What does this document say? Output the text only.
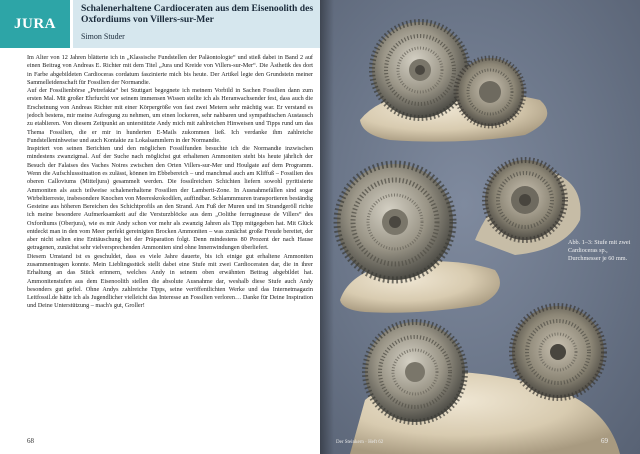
JURA
Schalenerhaltene Cardioceraten aus dem Eisenoolith des Oxfordiums von Villers-sur-Mer
Simon Studer

Im Alter von 12 Jahren blätterte ich in „Klassische Fundstellen der Paläontologie“ und stieß dabei in Band 2 auf einen Beitrag von Andreas E. Richter mit dem Titel „Jura und Kreide von Villers-sur-Mer“. Die Ästhetik des dort in Farbe abgebildeten Cardioceras cordatum faszinierte mich bis heute. Der Artikel legte den Grundstein meiner Sammelleidenschaft für Fossilien der Normandie.

Auf der Fossilienbörse „Petrefakta“ bei Stuttgart begegnete ich meinem Vorbild in Sachen Fossilien dann zum ersten Mal. Mit großer Ehrfurcht vor seinem immensen Wissen stellte ich als Heranwachsender fest, dass auch die Erscheinung von Andreas Richter mit einer Körpergröße von fast zwei Metern sehr mächtig war. Er verstand es jedoch bestens, mir meine Aufregung zu nehmen, um einen lockeren, sehr nahbaren und sympathischen Austausch zu etablieren. Von diesem Zeitpunkt an unterstützte Andy mich mit zahlreichen Hinweisen und Tipps rund um das Thema Fossilien, die er mir in hunderten E-Mails zukommen ließ. Ich verdanke ihm zahlreiche Fundstelleninhweise und auch Kontakte zu Lokalsammlern in der Normandie.

Inspiriert von seinen Berichten und den möglichen Fossilfunden besuchte ich die Normandie inzwischen mindestens zwanzigmal. Auf der Suche nach möglichst gut erhaltenen Ammoniten steht bis heute jährlich der Besuch der Falaises des Vaches Noires zwischen den Orten Villers-sur-Mer und Houlgate auf dem Programm. Wenn die Aufschlusssituation es zulässt, können im Ebbebereich – und manchmal auch am Kliffuß – Fossilien des oberen Calloviums (Mitteljura) gesammelt werden. Die fossilreichen Schichten liefern sowohl pyritisierte Ammoniten als auch teilweise schalenerhaltene Fossilien der Lamberti-Zone. In Ausnahmefällen sind sogar Wirbeltierreste, insbesondere Knochen von Meereskrokodilen, auffindbar. Schlammmuren transportieren beständig Gesteine aus höheren Bereichen des Schichtprofils an den Strand. Am Fuß der Muren und im Strandgeröll richte ich meine besondere Aufmerksamkeit auf die Versturzblöcke aus dem „Oolithe ferrugineuse de Villers“ des Oxfordiums (Oberjura), wie es mir Andy schon vor mehr als zwanzig Jahren als Tipp mitgegeben hat. Mit Glück entdeckt man in den vom Meer perfekt gereinigten Brocken Ammoniten – was zunächst große Freude bereitet, der aber nicht selten eine Enttäuschung bei der Präparation folgt. Denn mindestens 80 Prozent der nach Hause getragenen, zunächst sehr vielversprechenden Ammoniten sind ohne Innenwindungen überliefert.

Diesem Umstand ist es geschuldet, dass es viele Jahre dauerte, bis ich einige gut erhaltene Ammoniten zusammentragen konnte. Mein Lieblingsstück stellt dabei eine Stufe mit zwei Cardioceraten dar, die in ihrer Erhaltung an das Stück erinnern, welches Andy in seinem oben erwähnten Beitrag abgebildet hat. Ammonitenstufen aus dem Eisenoolith stellen die absolute Ausnahme dar, weshalb diese Stufe auch Andy besonders gut gefiel. Ohne Andys zahlreiche Tipps, seine veröffentlichten Werke und das Internetmagazin Leitfossil.de hätte ich als Jugendlicher vielleicht das Interesse an Fossilien verloren… Danke für Deine Inspiration und Deine Unterstützung – mach's gut, Groller!

68
Abb. 1–3: Stufe mit zwei Cardioceras sp., Durchmesser je 60 mm.
Der Steinkern · Heft 62	69
